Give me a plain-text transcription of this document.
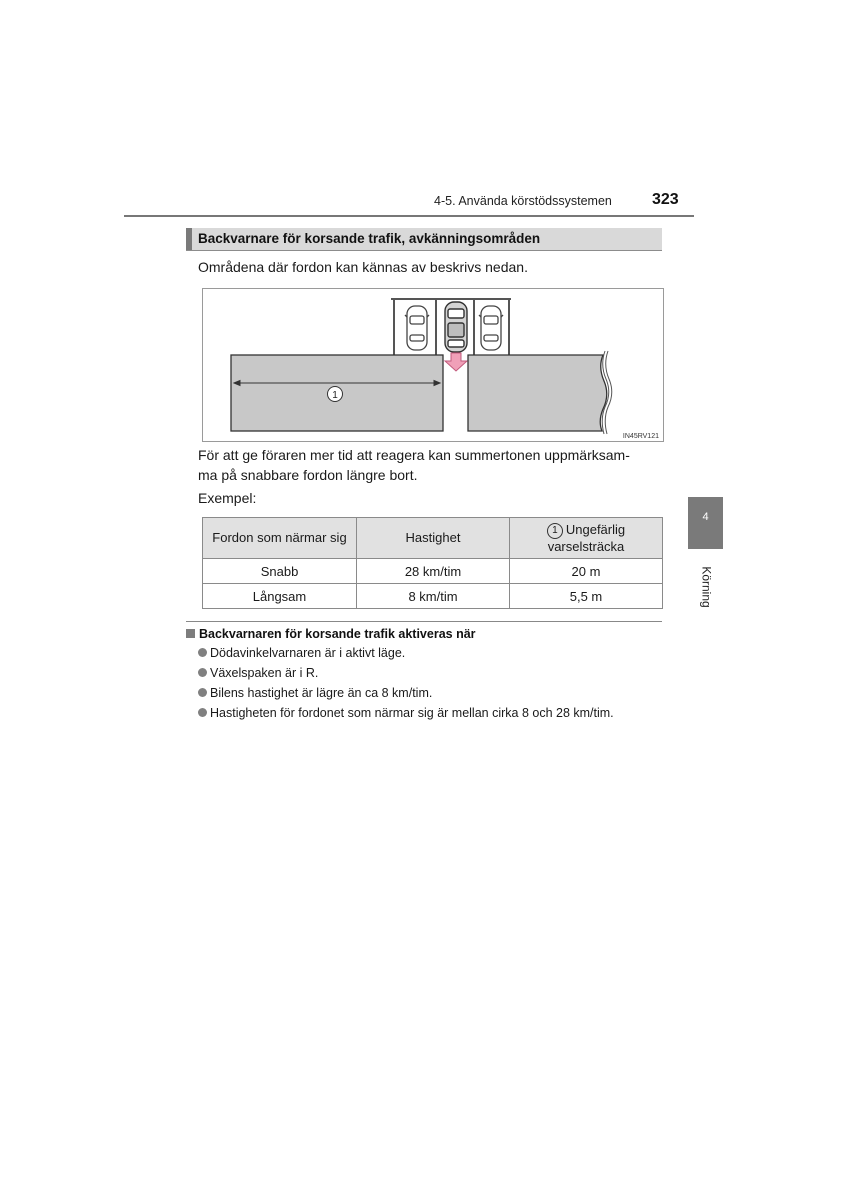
4-5. Använda körstödssystemen	323
Backvarnare för korsande trafik, avkänningsområden
Områdena där fordon kan kännas av beskrivs nedan.
1
IN45RV121
För att ge föraren mer tid att reagera kan summertonen uppmärksam-
ma på snabbare fordon längre bort.
Exempel:
Fordon som närmar sig	Hastighet	1 Ungefärlig
varselsträcka

Snabb	28 km/tim	20 m
Långsam	8 km/tim	5,5 m
Backvarnaren för korsande trafik aktiveras när
Dödavinkelvarnaren är i aktivt läge.
Växelspaken är i R.
Bilens hastighet är lägre än ca 8 km/tim.
Hastigheten för fordonet som närmar sig är mellan cirka 8 och 28 km/tim.
4
Körning
